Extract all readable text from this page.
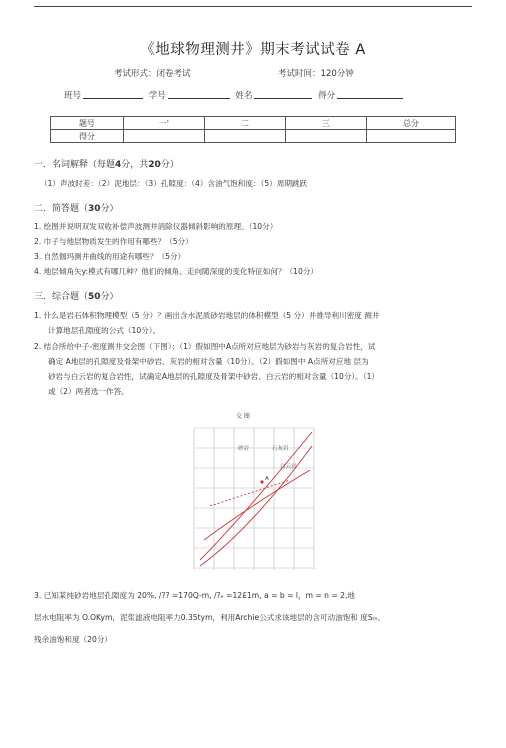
《地球物理测井》期末考试试卷 A
考试形式：闭卷考试	考试时间：120分钟
班号	学号	姓名	得分
题号	一'	二	三	总分
得分				
一．名词解释（每题4分，共20分）
（1）声波时差：（2）泥地层：（3）孔隙度：（4）含油气饱和度：（5）周期跳跃
二．简答题（30分）
1. 绘图并说明双发双收补偿声波测井消除仪器倾斜影响的原理。（10分）
2. 巾子与地层物质发生的作用有哪些？（5分）
3. 自然伽玛测井曲线的用途有哪些？（5分）
4. 地层倾角矢y:模式有哪几种？他们的倾角、走向随深度的变化特征如何？（10分）
三．综合题（50分）
1. 什么是岩石体积物理模型（5 分）？画出含水泥质砂岩地层的体积模型（5 分）并推导利川密度 测井
计算地层孔隙度的公式（10分）。
2. 结合所给中子-密度测井交会图（下图）：（1）假如图中A点所对应地层为砂岩与灰岩的复合岩性，试
确定 A地层的孔隙度及骨架中砂岩、灰岩的相对含量（10分）。（2）假如图中 A点所对应地 层为
砂岩与白云岩的复合岩性，试确定A地层的孔隙度及骨架中砂岩、白云岩的相对含量（10分）。（1）
或（2）两者选一作答。
交 图
砂岩	石灰岩
白云岩
A
3. 已知某纯砂岩地层孔隙度为 20%, /?? =170Q-m, /?ₑ =12£1m, a = b = l，m = n = 2,地
层水电阻率为 O.OKym，泥浆滤液电阻率力0.35tym，利用Archie公式求该地层的含可动油饱和 度Sₘ、
残余油饱和度（20分）
